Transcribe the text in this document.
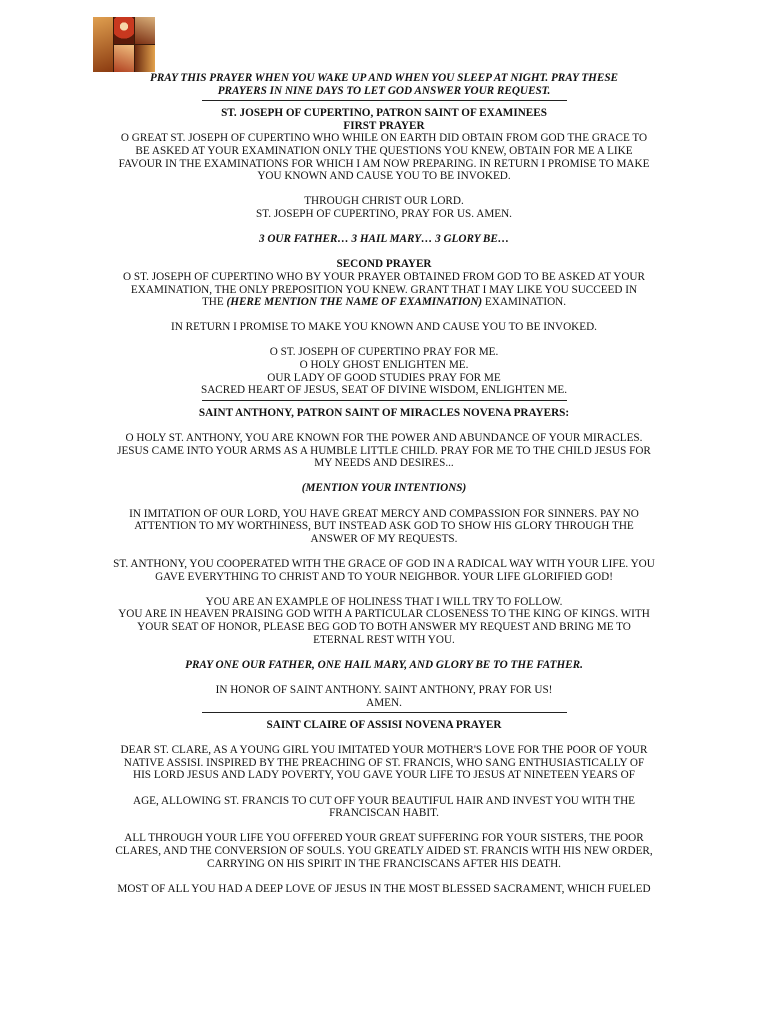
PRAY THIS PRAYER WHEN YOU WAKE UP AND WHEN YOU SLEEP AT NIGHT. PRAY THESE

PRAYERS IN NINE DAYS TO LET GOD ANSWER YOUR REQUEST.

ST. JOSEPH OF CUPERTINO, PATRON SAINT OF EXAMINEES

FIRST PRAYER

O GREAT ST. JOSEPH OF CUPERTINO WHO WHILE ON EARTH DID OBTAIN FROM GOD THE GRACE TO

BE ASKED AT YOUR EXAMINATION ONLY THE QUESTIONS YOU KNEW, OBTAIN FOR ME A LIKE

FAVOUR IN THE EXAMINATIONS FOR WHICH I AM NOW PREPARING. IN RETURN I PROMISE TO MAKE

YOU KNOWN AND CAUSE YOU TO BE INVOKED.

THROUGH CHRIST OUR LORD.

ST. JOSEPH OF CUPERTINO, PRAY FOR US. AMEN.

3 OUR FATHER… 3 HAIL MARY… 3 GLORY BE…

SECOND PRAYER

O ST. JOSEPH OF CUPERTINO WHO BY YOUR PRAYER OBTAINED FROM GOD TO BE ASKED AT YOUR

EXAMINATION, THE ONLY PREPOSITION YOU KNEW. GRANT THAT I MAY LIKE YOU SUCCEED IN

THE (HERE MENTION THE NAME OF EXAMINATION) EXAMINATION.

IN RETURN I PROMISE TO MAKE YOU KNOWN AND CAUSE YOU TO BE INVOKED.

O ST. JOSEPH OF CUPERTINO PRAY FOR ME.

O HOLY GHOST ENLIGHTEN ME.

OUR LADY OF GOOD STUDIES PRAY FOR ME

SACRED HEART OF JESUS, SEAT OF DIVINE WISDOM, ENLIGHTEN ME.

SAINT ANTHONY, PATRON SAINT OF MIRACLES NOVENA PRAYERS:

O HOLY ST. ANTHONY, YOU ARE KNOWN FOR THE POWER AND ABUNDANCE OF YOUR MIRACLES.

JESUS CAME INTO YOUR ARMS AS A HUMBLE LITTLE CHILD. PRAY FOR ME TO THE CHILD JESUS FOR

MY NEEDS AND DESIRES...

(MENTION YOUR INTENTIONS)

IN IMITATION OF OUR LORD, YOU HAVE GREAT MERCY AND COMPASSION FOR SINNERS. PAY NO

ATTENTION TO MY WORTHINESS, BUT INSTEAD ASK GOD TO SHOW HIS GLORY THROUGH THE

ANSWER OF MY REQUESTS.

ST. ANTHONY, YOU COOPERATED WITH THE GRACE OF GOD IN A RADICAL WAY WITH YOUR LIFE. YOU

GAVE EVERYTHING TO CHRIST AND TO YOUR NEIGHBOR. YOUR LIFE GLORIFIED GOD!

YOU ARE AN EXAMPLE OF HOLINESS THAT I WILL TRY TO FOLLOW.

YOU ARE IN HEAVEN PRAISING GOD WITH A PARTICULAR CLOSENESS TO THE KING OF KINGS. WITH

YOUR SEAT OF HONOR, PLEASE BEG GOD TO BOTH ANSWER MY REQUEST AND BRING ME TO

ETERNAL REST WITH YOU.

PRAY ONE OUR FATHER, ONE HAIL MARY, AND GLORY BE TO THE FATHER.

IN HONOR OF SAINT ANTHONY. SAINT ANTHONY, PRAY FOR US!

AMEN.

SAINT CLAIRE OF ASSISI NOVENA PRAYER

DEAR ST. CLARE, AS A YOUNG GIRL YOU IMITATED YOUR MOTHER'S LOVE FOR THE POOR OF YOUR

NATIVE ASSISI. INSPIRED BY THE PREACHING OF ST. FRANCIS, WHO SANG ENTHUSIASTICALLY OF

HIS LORD JESUS AND LADY POVERTY, YOU GAVE YOUR LIFE TO JESUS AT NINETEEN YEARS OF

AGE, ALLOWING ST. FRANCIS TO CUT OFF YOUR BEAUTIFUL HAIR AND INVEST YOU WITH THE

FRANCISCAN HABIT.

ALL THROUGH YOUR LIFE YOU OFFERED YOUR GREAT SUFFERING FOR YOUR SISTERS, THE POOR

CLARES, AND THE CONVERSION OF SOULS. YOU GREATLY AIDED ST. FRANCIS WITH HIS NEW ORDER,

CARRYING ON HIS SPIRIT IN THE FRANCISCANS AFTER HIS DEATH.

MOST OF ALL YOU HAD A DEEP LOVE OF JESUS IN THE MOST BLESSED SACRAMENT, WHICH FUELED
